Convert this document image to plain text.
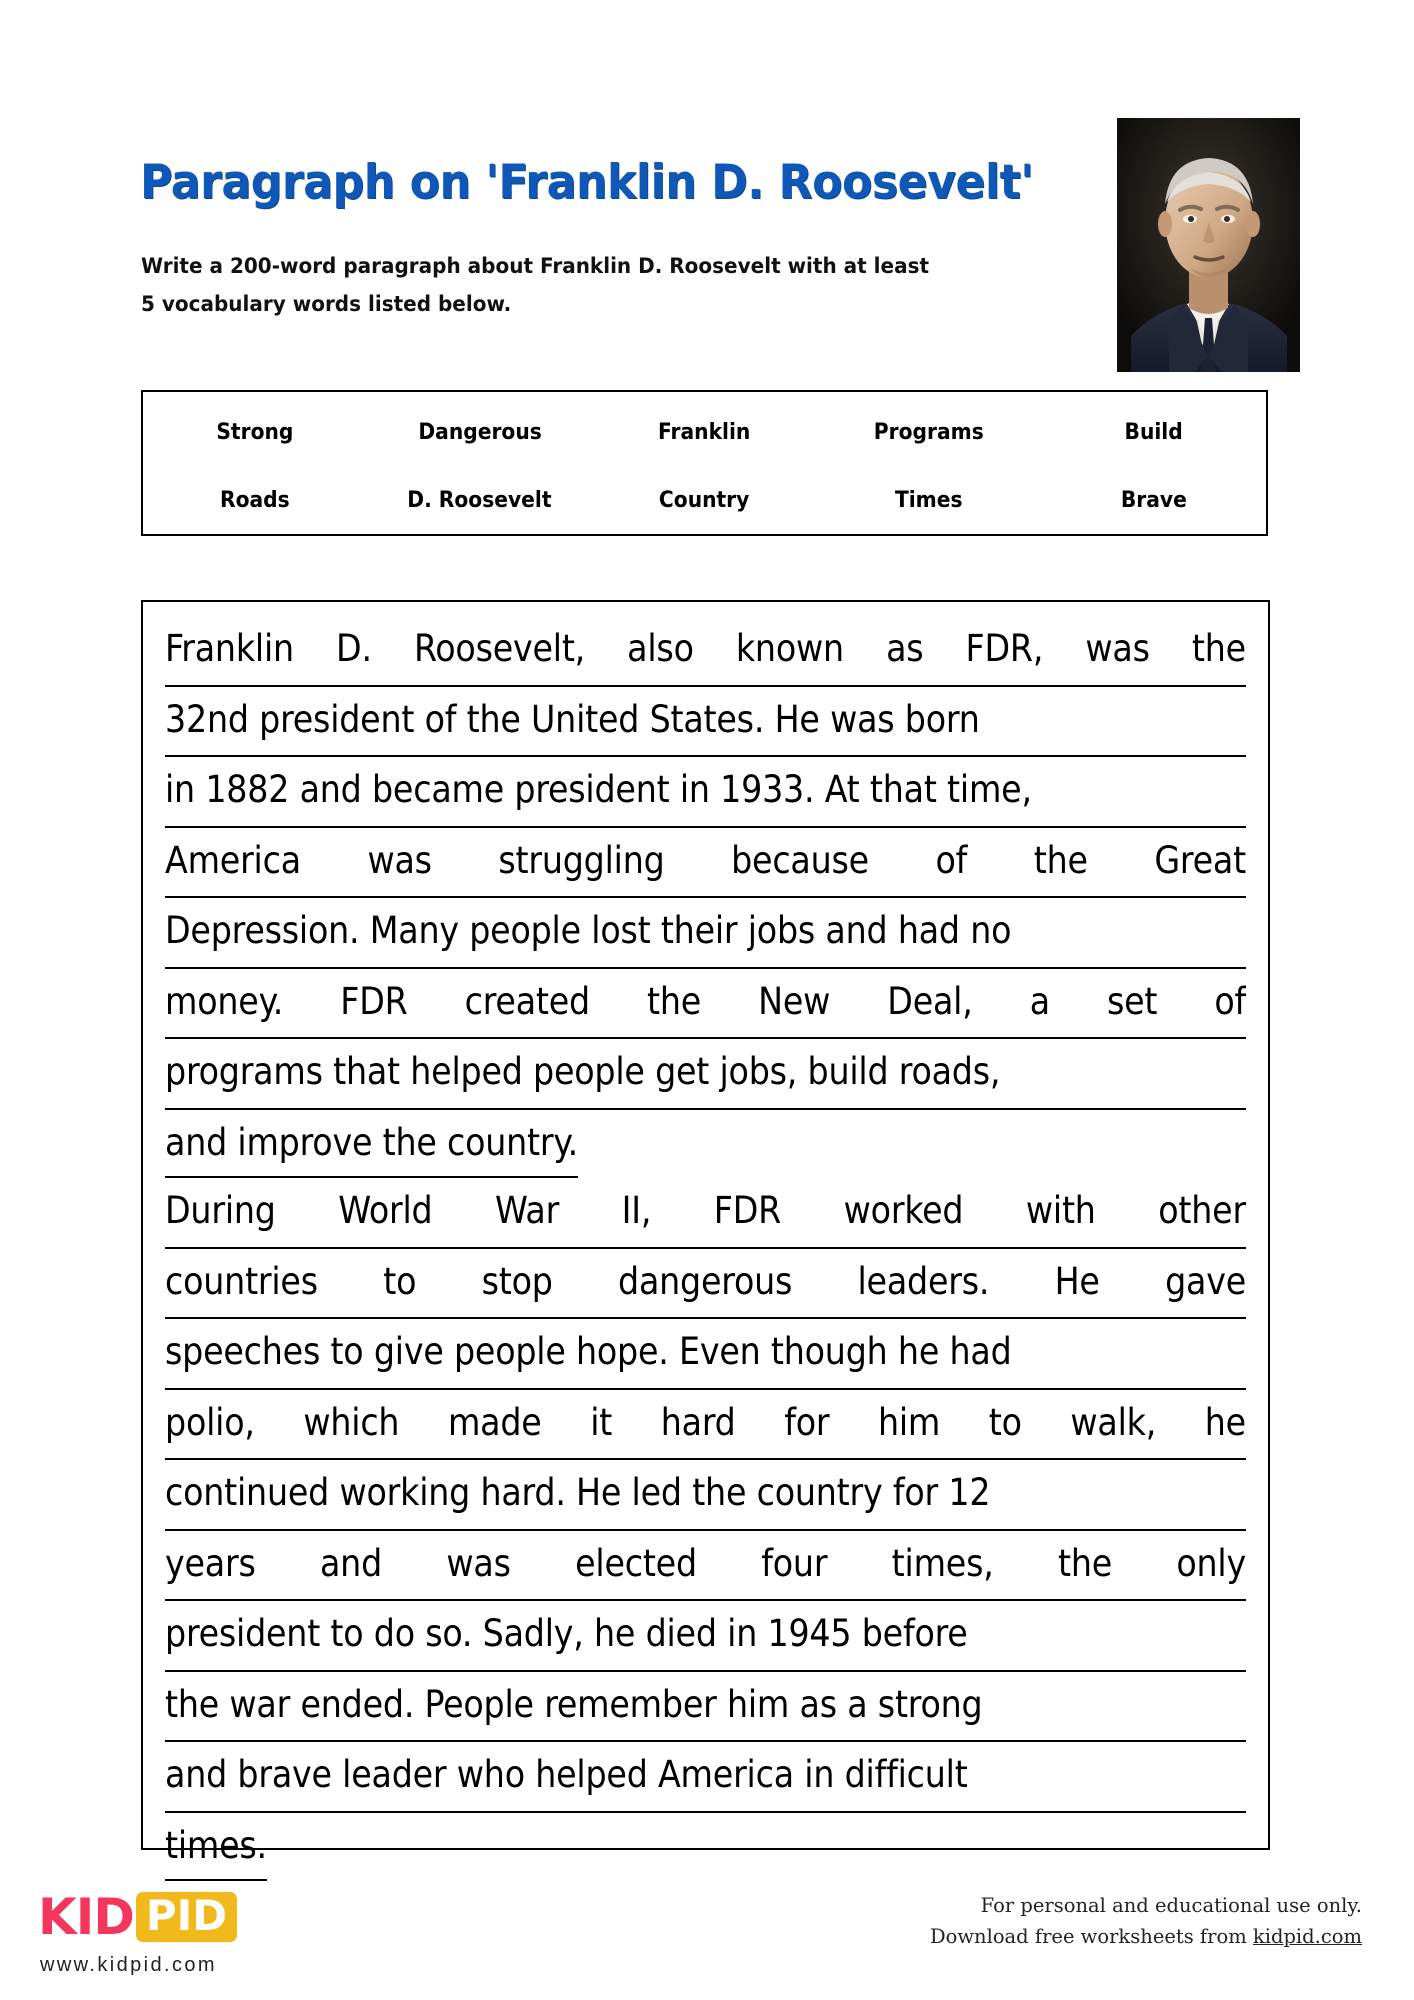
Paragraph on 'Franklin D. Roosevelt'
Write a 200-word paragraph about Franklin D. Roosevelt with at least
5 vocabulary words listed below.
Strong	Dangerous	Franklin	Programs	Build
Roads	D. Roosevelt	Country	Times	Brave
Franklin D. Roosevelt, also known as FDR, was the
32nd president of the United States. He was born
in 1882 and became president in 1933. At that time,
America was struggling because of the Great
Depression. Many people lost their jobs and had no
money. FDR created the New Deal, a set of
programs that helped people get jobs, build roads,
and improve the country.
During World War II, FDR worked with other
countries to stop dangerous leaders. He gave
speeches to give people hope. Even though he had
polio, which made it hard for him to walk, he
continued working hard. He led the country for 12
years and was elected four times, the only
president to do so. Sadly, he died in 1945 before
the war ended. People remember him as a strong
and brave leader who helped America in difficult
times.
KID PID
www.kidpid.com
For personal and educational use only.
Download free worksheets from kidpid.com
